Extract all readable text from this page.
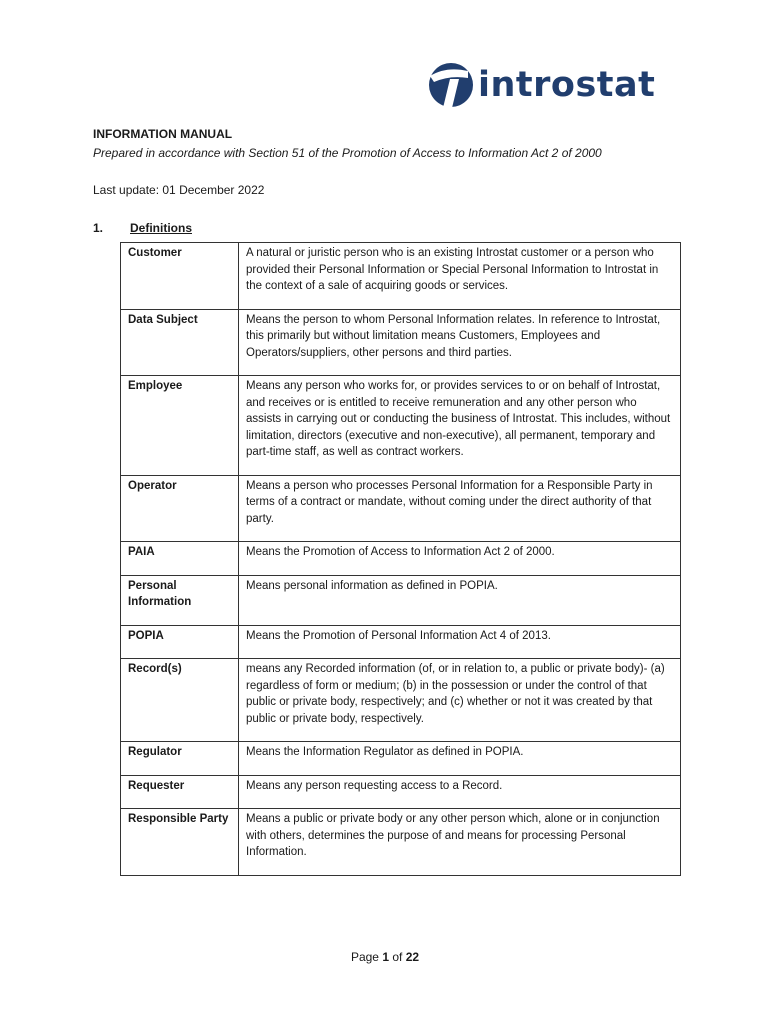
introstat
INFORMATION MANUAL
Prepared in accordance with Section 51 of the Promotion of Access to Information Act 2 of 2000
Last update: 01 December 2022
1. Definitions
Customer	A natural or juristic person who is an existing Introstat customer or a person who provided their Personal Information or Special Personal Information to Introstat in the context of a sale of acquiring goods or services.
Data Subject	Means the person to whom Personal Information relates. In reference to Introstat, this primarily but without limitation means Customers, Employees and Operators/suppliers, other persons and third parties.
Employee	Means any person who works for, or provides services to or on behalf of Introstat, and receives or is entitled to receive remuneration and any other person who assists in carrying out or conducting the business of Introstat. This includes, without limitation, directors (executive and non-executive), all permanent, temporary and part-time staff, as well as contract workers.
Operator	Means a person who processes Personal Information for a Responsible Party in terms of a contract or mandate, without coming under the direct authority of that party.
PAIA	Means the Promotion of Access to Information Act 2 of 2000.
Personal Information	Means personal information as defined in POPIA.
POPIA	Means the Promotion of Personal Information Act 4 of 2013.
Record(s)	means any Recorded information (of, or in relation to, a public or private body)- (a) regardless of form or medium; (b) in the possession or under the control of that public or private body, respectively; and (c) whether or not it was created by that public or private body, respectively.
Regulator	Means the Information Regulator as defined in POPIA.
Requester	Means any person requesting access to a Record.
Responsible Party	Means a public or private body or any other person which, alone or in conjunction with others, determines the purpose of and means for processing Personal Information.
Page 1 of 22
